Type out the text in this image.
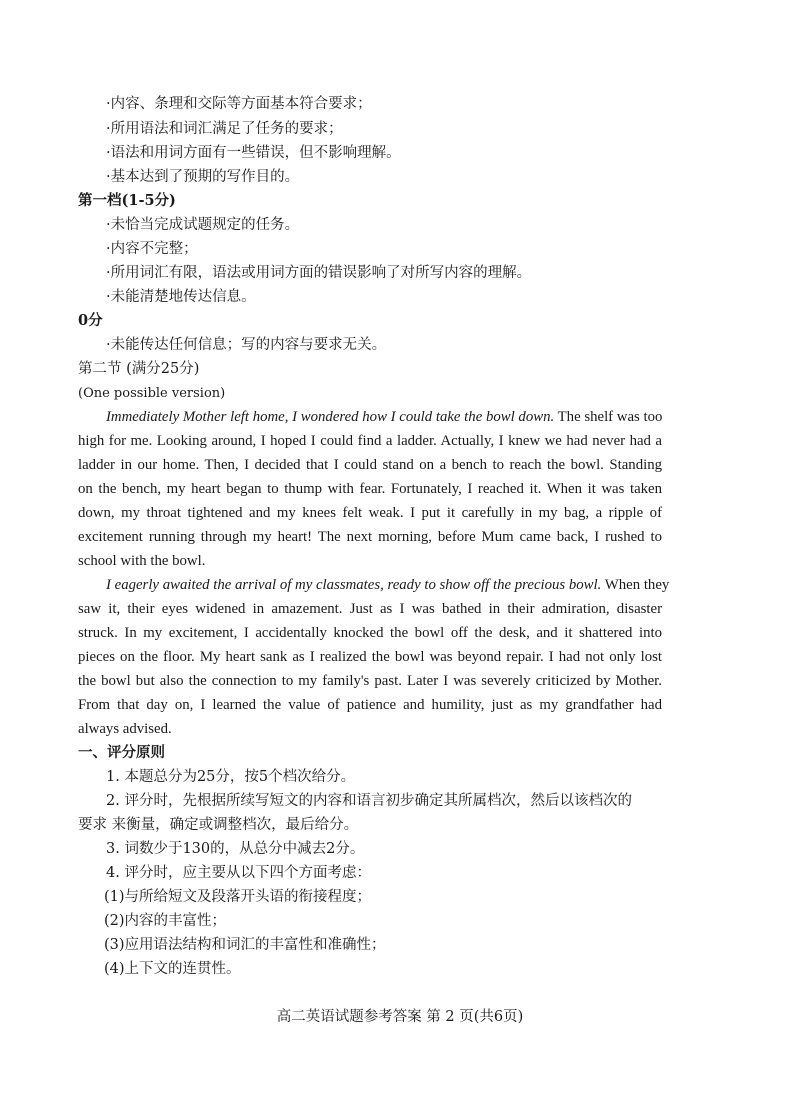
·内容、条理和交际等方面基本符合要求；
·所用语法和词汇满足了任务的要求；
·语法和用词方面有一些错误，但不影响理解。
·基本达到了预期的写作目的。
第一档(1-5分)
·未恰当完成试题规定的任务。
·内容不完整；
·所用词汇有限，语法或用词方面的错误影响了对所写内容的理解。
·未能清楚地传达信息。
0分
·未能传达任何信息；写的内容与要求无关。
第二节 (满分25分)
(One possible version)
Immediately Mother left home, I wondered how I could take the bowl down. The shelf was too
high for me. Looking around, I hoped I could find a ladder. Actually, I knew we had never had a
ladder in our home. Then, I decided that I could stand on a bench to reach the bowl. Standing
on the bench, my heart began to thump with fear. Fortunately, I reached it. When it was taken
down, my throat tightened and my knees felt weak. I put it carefully in my bag, a ripple of
excitement running through my heart! The next morning, before Mum came back, I rushed to
school with the bowl.
I eagerly awaited the arrival of my classmates, ready to show off the precious bowl. When they
saw it, their eyes widened in amazement. Just as I was bathed in their admiration, disaster
struck. In my excitement, I accidentally knocked the bowl off the desk, and it shattered into
pieces on the floor. My heart sank as I realized the bowl was beyond repair. I had not only lost
the bowl but also the connection to my family's past. Later I was severely criticized by Mother.
From that day on, I learned the value of patience and humility, just as my grandfather had
always advised.
一、评分原则
1. 本题总分为25分，按5个档次给分。
2. 评分时，先根据所续写短文的内容和语言初步确定其所属档次，然后以该档次的
要求 来衡量，确定或调整档次，最后给分。
3. 词数少于130的，从总分中减去2分。
4. 评分时，应主要从以下四个方面考虑：
(1)与所给短文及段落开头语的衔接程度；
(2)内容的丰富性；
(3)应用语法结构和词汇的丰富性和准确性；
(4)上下文的连贯性。
高二英语试题参考答案 第 2 页(共6页)
